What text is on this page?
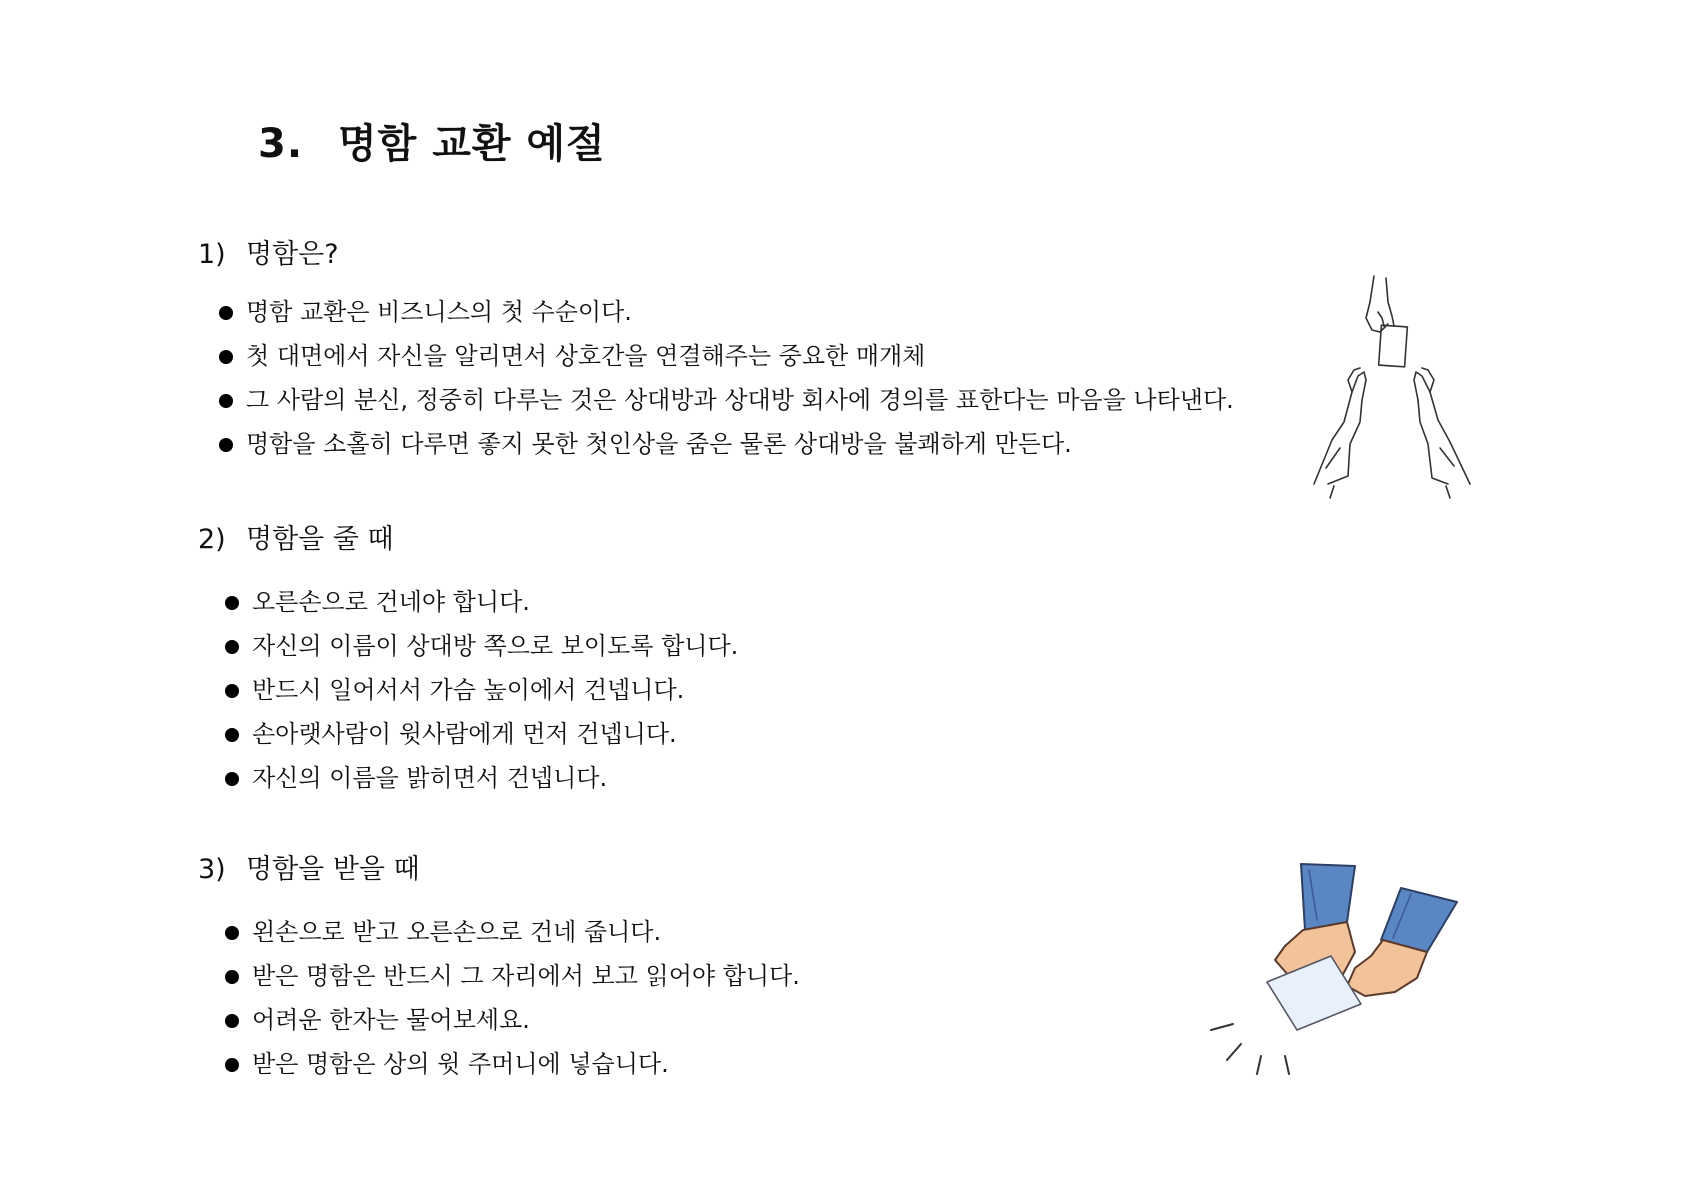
3. 명함 교환 예절
1) 명함은?
명함 교환은 비즈니스의 첫 수순이다.
첫 대면에서 자신을 알리면서 상호간을 연결해주는 중요한 매개체
그 사람의 분신, 정중히 다루는 것은 상대방과 상대방 회사에 경의를 표한다는 마음을 나타낸다.
명함을 소홀히 다루면 좋지 못한 첫인상을 줌은 물론 상대방을 불쾌하게 만든다.
2) 명함을 줄 때
오른손으로 건네야 합니다.
자신의 이름이 상대방 쪽으로 보이도록 합니다.
반드시 일어서서 가슴 높이에서 건넵니다.
손아랫사람이 윗사람에게 먼저 건넵니다.
자신의 이름을 밝히면서 건넵니다.
3) 명함을 받을 때
왼손으로 받고 오른손으로 건네 줍니다.
받은 명함은 반드시 그 자리에서 보고 읽어야 합니다.
어려운 한자는 물어보세요.
받은 명함은 상의 윗 주머니에 넣습니다.
